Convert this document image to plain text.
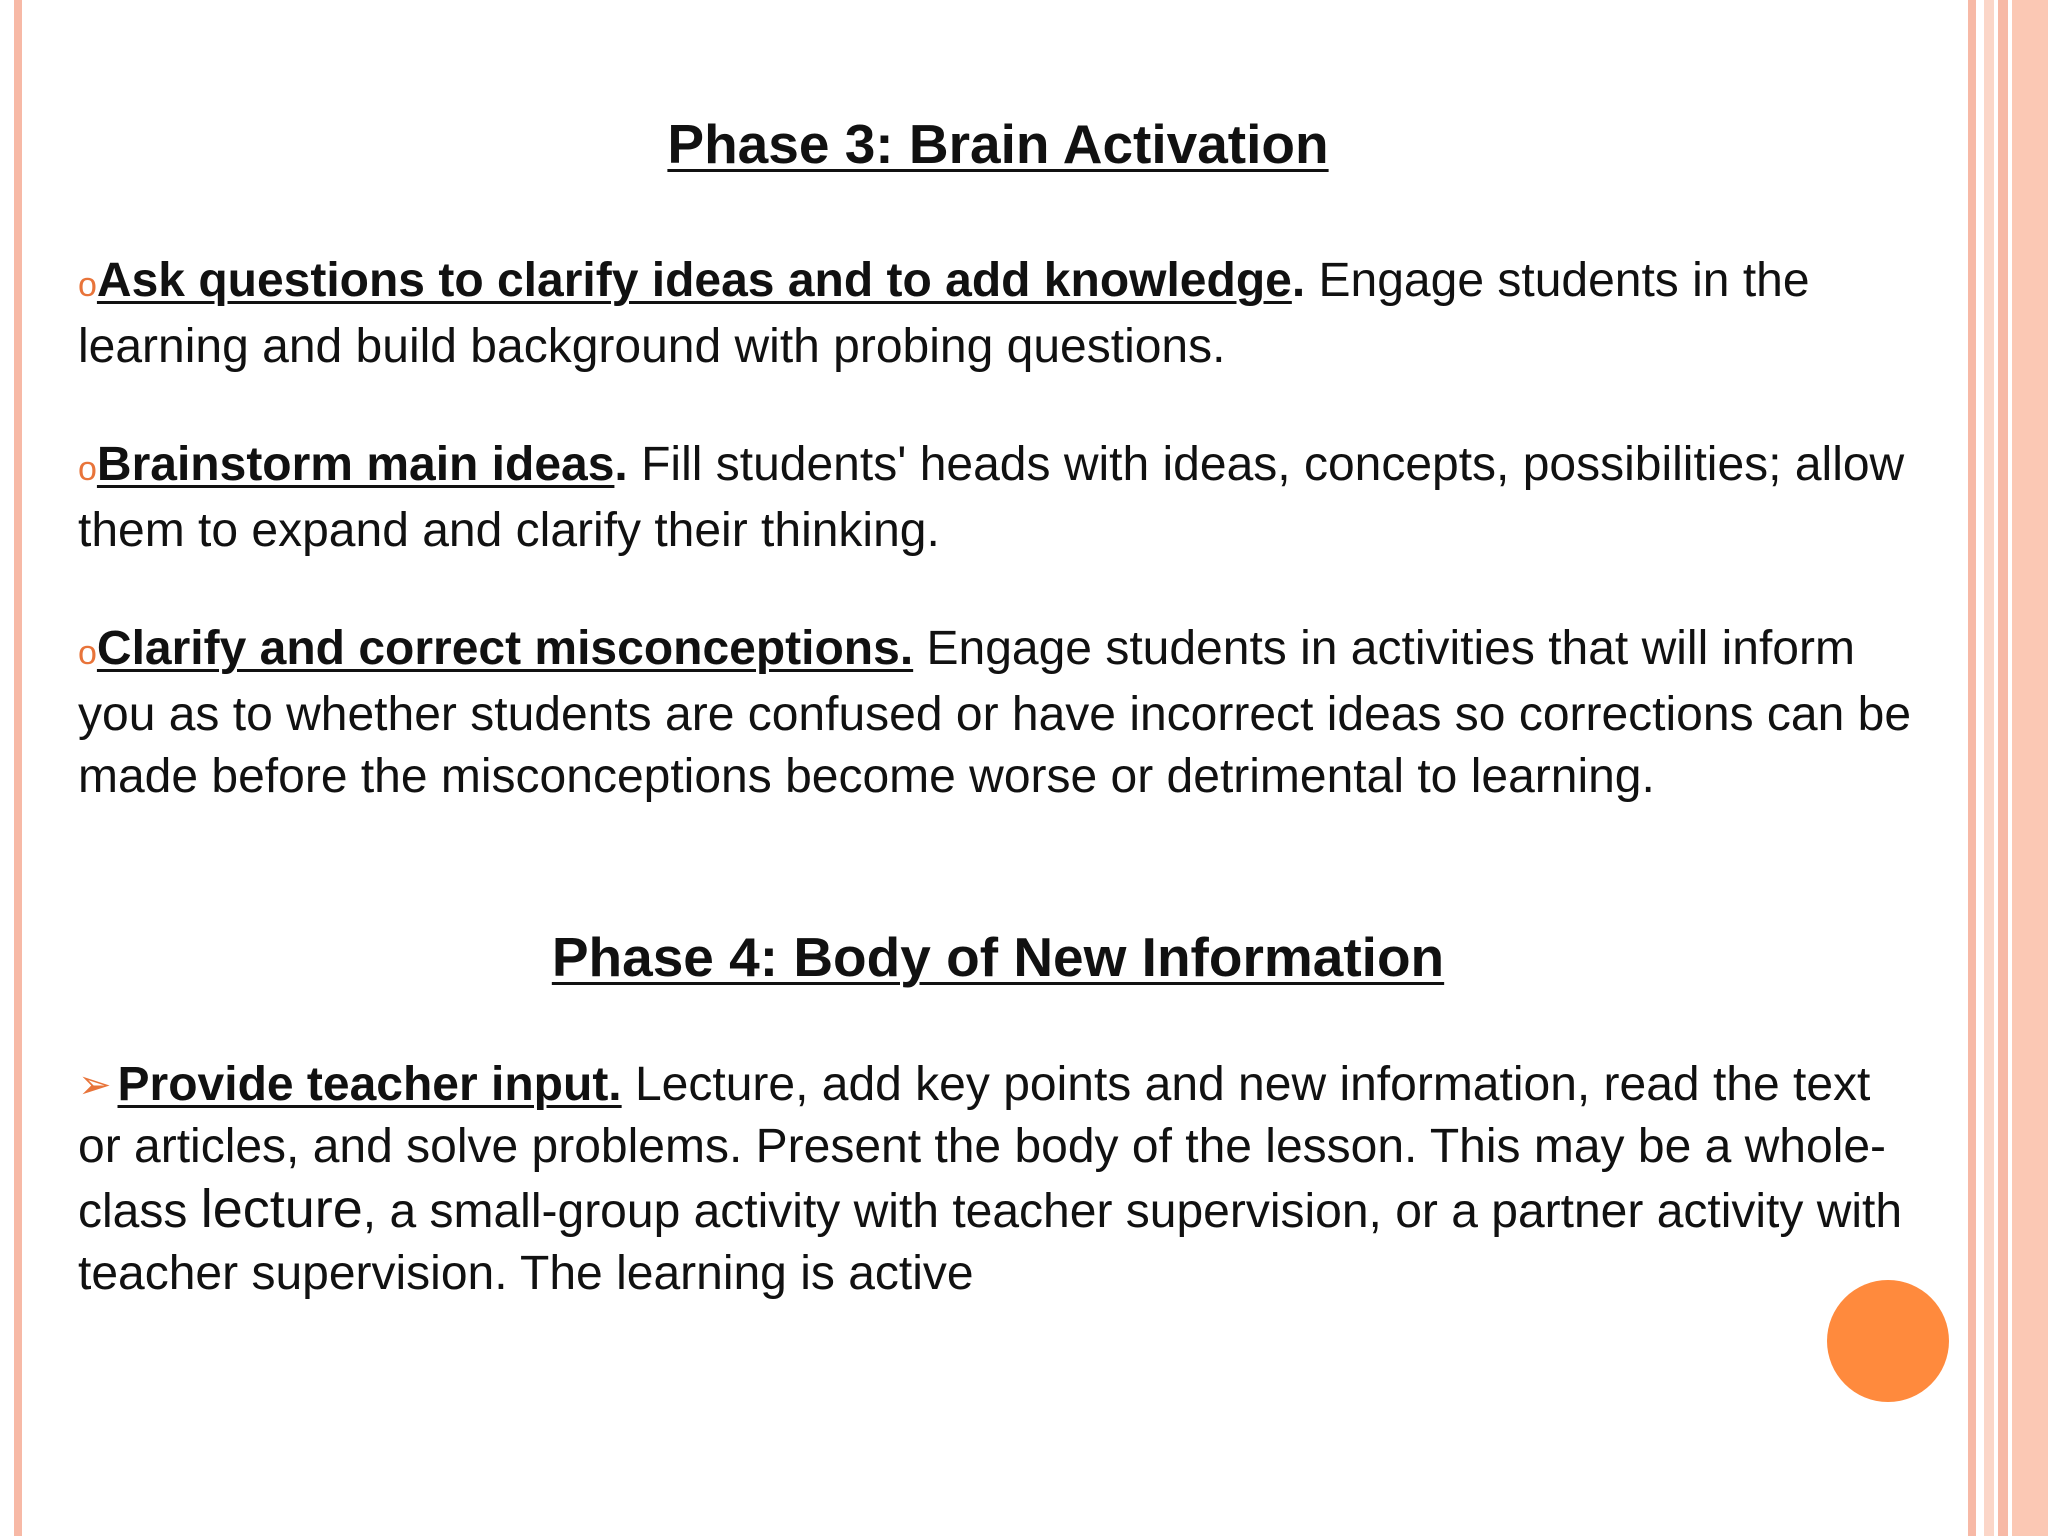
Phase 3: Brain Activation
oAsk questions to clarify ideas and to add knowledge. Engage students in the learning and build background with probing questions.
oBrainstorm main ideas. Fill students' heads with ideas, concepts, possibilities; allow them to expand and clarify their thinking.
oClarify and correct misconceptions. Engage students in activities that will inform you as to whether students are confused or have incorrect ideas so corrections can be made before the misconceptions become worse or detrimental to learning.
Phase 4: Body of New Information
➢ Provide teacher input. Lecture, add key points and new information, read the text or articles, and solve problems. Present the body of the lesson. This may be a whole-class lecture, a small-group activity with teacher supervision, or a partner activity with teacher supervision. The learning is active
